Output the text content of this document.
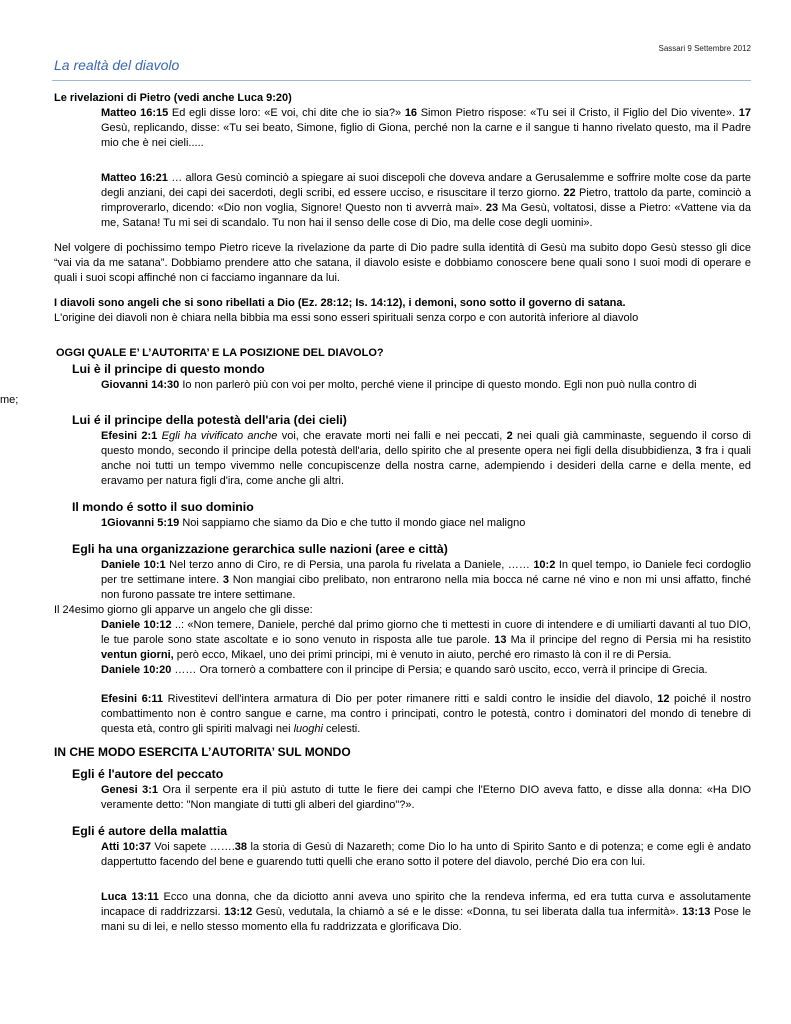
Sassari 9 Settembre 2012
La realtà del diavolo

Le rivelazioni di Pietro (vedi anche Luca 9:20)

Matteo 16:15 Ed egli disse loro: «E voi, chi dite che io sia?» 16 Simon Pietro rispose: «Tu sei il Cristo, il Figlio del Dio vivente». 17 Gesù, replicando, disse: «Tu sei beato, Simone, figlio di Giona, perché non la carne e il sangue ti hanno rivelato questo, ma il Padre mio che è nei cieli.....

Matteo 16:21 … allora Gesù cominciò a spiegare ai suoi discepoli che doveva andare a Gerusalemme e soffrire molte cose da parte degli anziani, dei capi dei sacerdoti, degli scribi, ed essere ucciso, e risuscitare il terzo giorno. 22 Pietro, trattolo da parte, cominciò a rimproverarlo, dicendo: «Dio non voglia, Signore! Questo non ti avverrà mai». 23 Ma Gesù, voltatosi, disse a Pietro: «Vattene via da me, Satana! Tu mi sei di scandalo. Tu non hai il senso delle cose di Dio, ma delle cose degli uomini».

Nel volgere di pochissimo tempo Pietro riceve la rivelazione da parte di Dio padre sulla identità di Gesù ma subito dopo Gesù stesso gli dice “vai via da me satana”. Dobbiamo prendere atto che satana, il diavolo esiste e dobbiamo conoscere bene quali sono I suoi modi di operare e quali i suoi scopi affinché non ci facciamo ingannare da lui.

I diavoli sono angeli che si sono ribellati a Dio (Ez. 28:12; Is. 14:12), i demoni, sono sotto il governo di satana.

L'origine dei diavoli non è chiara nella bibbia ma essi sono esseri spirituali senza corpo e con autorità inferiore al diavolo

OGGI QUALE E’ L’AUTORITA’ E LA POSIZIONE DEL DIAVOLO?

Lui è il principe di questo mondo

Giovanni 14:30 Io non parlerò più con voi per molto, perché viene il principe di questo mondo. Egli non può nulla contro di

me;

Lui é il principe della potestà dell'aria (dei cieli)

Efesini 2:1 Egli ha vivificato anche voi, che eravate morti nei falli e nei peccati, 2 nei quali già camminaste, seguendo il corso di questo mondo, secondo il principe della potestà dell'aria, dello spirito che al presente opera nei figli della disubbidienza, 3 fra i quali anche noi tutti un tempo vivemmo nelle concupiscenze della nostra carne, adempiendo i desideri della carne e della mente, ed eravamo per natura figli d'ira, come anche gli altri.

Il mondo é sotto il suo dominio

1Giovanni 5:19 Noi sappiamo che siamo da Dio e che tutto il mondo giace nel maligno

Egli ha una organizzazione gerarchica sulle nazioni (aree e città)

Daniele 10:1 Nel terzo anno di Ciro, re di Persia, una parola fu rivelata a Daniele, …… 10:2 In quel tempo, io Daniele feci cordoglio per tre settimane intere. 3 Non mangiai cibo prelibato, non entrarono nella mia bocca né carne né vino e non mi unsi affatto, finché non furono passate tre intere settimane.

Il 24esimo giorno gli apparve un angelo che gli disse:

Daniele 10:12 ..: «Non temere, Daniele, perché dal primo giorno che ti mettesti in cuore di intendere e di umiliarti davanti al tuo DIO, le tue parole sono state ascoltate e io sono venuto in risposta alle tue parole. 13 Ma il principe del regno di Persia mi ha resistito ventun giorni, però ecco, Mikael, uno dei primi principi, mi è venuto in aiuto, perché ero rimasto là con il re di Persia.

Daniele 10:20 …… Ora tornerò a combattere con il principe di Persia; e quando sarò uscito, ecco, verrà il principe di Grecia.

Efesini 6:11 Rivestitevi dell'intera armatura di Dio per poter rimanere ritti e saldi contro le insidie del diavolo, 12 poiché il nostro combattimento non è contro sangue e carne, ma contro i principati, contro le potestà, contro i dominatori del mondo di tenebre di questa età, contro gli spiriti malvagi nei luoghi celesti.

IN CHE MODO ESERCITA L’AUTORITA’ SUL MONDO

Egli é l'autore del peccato

Genesi 3:1 Ora il serpente era il più astuto di tutte le fiere dei campi che l'Eterno DIO aveva fatto, e disse alla donna: «Ha DIO veramente detto: "Non mangiate di tutti gli alberi del giardino"?».

Egli é autore della malattia

Atti 10:37 Voi sapete …….38 la storia di Gesù di Nazareth; come Dio lo ha unto di Spirito Santo e di potenza; e come egli è andato dappertutto facendo del bene e guarendo tutti quelli che erano sotto il potere del diavolo, perché Dio era con lui.

Luca 13:11 Ecco una donna, che da diciotto anni aveva uno spirito che la rendeva inferma, ed era tutta curva e assolutamente incapace di raddrizzarsi. 13:12 Gesù, vedutala, la chiamò a sé e le disse: «Donna, tu sei liberata dalla tua infermità». 13:13 Pose le mani su di lei, e nello stesso momento ella fu raddrizzata e glorificava Dio.
